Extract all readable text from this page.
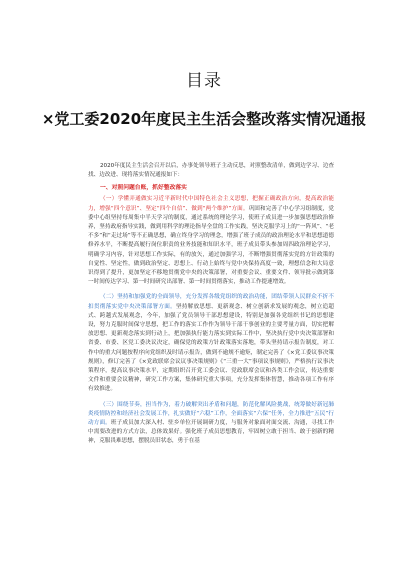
目录
×党工委2020年度民主生活会整改落实情况通报

2020年度民主生活会召开以后，办事处领导班子主动反思，对照整改清单，做到边学习、边查找、边改进、现将落实情况通报如下：

一、对照问题台账，抓好整改落实

（一）学懂弄通做实习近平新时代中国特色社会主义思想，把握正确政治方向，提高政治能力，增强“四个意识”、坚定“四个自信”、做到“两个维护”方面。巩固和完善了中心学习组制度，党委中心组坚持每周集中半天学习的制度，通过系统的理论学习，使班子成员进一步加强思想政治修养，坚持政府指导实践，做到用科学的理论指导全盘的工作实践，坚决克服学习上的“一阵风”、“老不多”和“走过场”等不正确思想，确立终身学习的理念，增强了班子成员的政治理论水平和思想道德修养水平，不断提高履行岗位职责的业务技能和知识水平，班子成员带头参加周四政治理论学习，明确学习内容，针对思想工作实际，有的放矢，通过加强学习，不断增强贯彻落实党的方针政策的自觉性、坚定性，做到政治坚定、思想上、行动上始终与党中央保持高度一致，理想信念和大局意识得到了提升，更加坚定不移地贯彻党中央的决策部署，对重要会议、重要文件、领导批示做到第一时间传达学习、第一时间研究出部署、第一时间贯彻落实，推动工作提速增效。

（二）坚持和加强党的全面领导，充分发挥各级党组织的政治功能，团结带领人民群众不折不扣贯彻落实党中央决策部署方面。坚持解放思想、更新观念、树立创新求发展的观念，树立追超式、跨越式发展观念，今年，加强了党员领导干部思想建设，特别是加强各党组织书记的思想建设，努力克服时间保守思想，把工作的落实工作作为领导干部干事创业的主要考量方面，切实把解放思想、更新观念落实到行动上，把加强执行能力落实到实际工作中，坚决执行党中央决策部署和省委、市委、区党工委决议决定，确保党的政策方针政策落实落地，带头坚持请示报告制度，对工作中的重大问题按程序向党组织及时请示报告，做到不逾规不逾矩，制定完善了《×党工委议事决策规则》，修订完善了《×党政联席会议议事决策规则》《“三重一大”事项议事规则》，严格执行议事决策程序，提高议事决策水平，定期组织召开党工委会议、党政联席会议和各类工作会议，传达重要文件和重要会议精神，研究工作方案，集体研究重大事项，充分发挥集体智慧，推动各项工作有序有效推进。

（三）围绕节奏，担当作为，着力破解突出矛盾和问题，防范化解风险挑战，统筹做好新冠肺炎疫情防控和经济社会发展工作，扎实做好“六稳”工作，全面落实“六保”任务，全力推进“五民”行动方面。班子成员加大深入村、驻乡单位开展调研力度，与服务对象面对面交流、沟通，寻找工作中需要改进的方式方法，总体效果好。强化班子成员思想教育，牢固树立敢于担当、敢于创新的精神，克服畏难思想，摆脱员旧状态，勇于在基
